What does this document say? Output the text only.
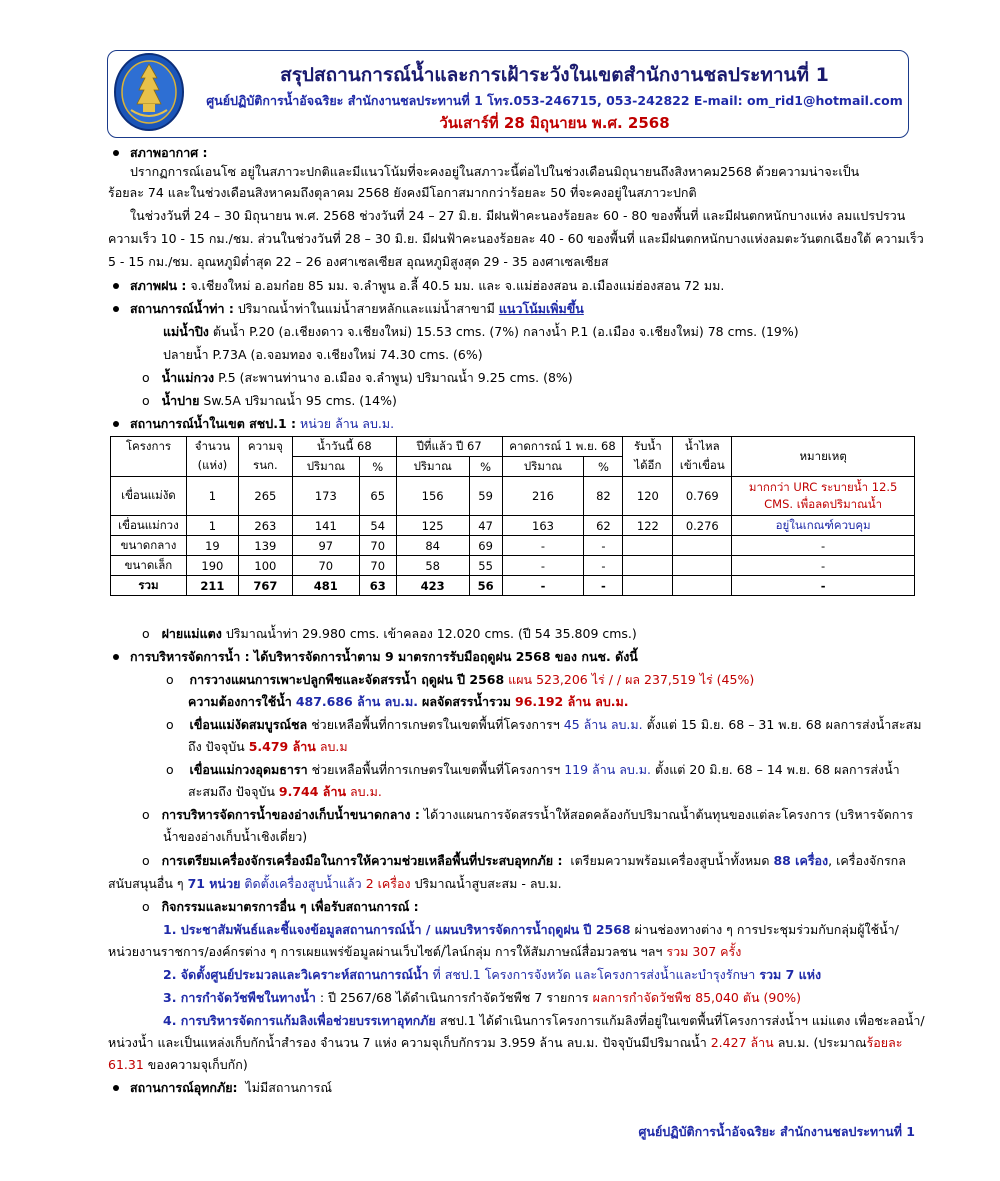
สรุปสถานการณ์น้ำและการเฝ้าระวังในเขตสำนักงานชลประทานที่ 1
ศูนย์ปฏิบัติการน้ำอัจฉริยะ สำนักงานชลประทานที่ 1 โทร.053-246715, 053-242822 E-mail: om_rid1@hotmail.com
วันเสาร์ที่ 28 มิถุนายน พ.ศ. 2568
สภาพอากาศ :
ปรากฏการณ์เอนโซ อยู่ในสภาวะปกติและมีแนวโน้มที่จะคงอยู่ในสภาวะนี้ต่อไปในช่วงเดือนมิถุนายนถึงสิงหาคม2568 ด้วยความน่าจะเป็น
ร้อยละ 74 และในช่วงเดือนสิงหาคมถึงตุลาคม 2568 ยังคงมีโอกาสมากกว่าร้อยละ 50 ที่จะคงอยู่ในสภาวะปกติ
ในช่วงวันที่ 24 – 30 มิถุนายน พ.ศ. 2568 ช่วงวันที่ 24 – 27 มิ.ย. มีฝนฟ้าคะนองร้อยละ 60 - 80 ของพื้นที่ และมีฝนตกหนักบางแห่ง ลมแปรปรวน
ความเร็ว 10 - 15 กม./ชม. ส่วนในช่วงวันที่ 28 – 30 มิ.ย. มีฝนฟ้าคะนองร้อยละ 40 - 60 ของพื้นที่ และมีฝนตกหนักบางแห่งลมตะวันตกเฉียงใต้ ความเร็ว
5 - 15 กม./ชม. อุณหภูมิต่ำสุด 22 – 26 องศาเซลเซียส อุณหภูมิสูงสุด 29 - 35 องศาเซลเซียส
สภาพฝน : จ.เชียงใหม่ อ.อมก๋อย 85 มม. จ.ลำพูน อ.ลี้ 40.5 มม. และ จ.แม่ฮ่องสอน อ.เมืองแม่ฮ่องสอน 72 มม.
สถานการณ์น้ำท่า : ปริมาณน้ำท่าในแม่น้ำสายหลักและแม่น้ำสาขามี แนวโน้มเพิ่มขึ้น
แม่น้ำปิง ต้นน้ำ P.20 (อ.เชียงดาว จ.เชียงใหม่) 15.53 cms. (7%) กลางน้ำ P.1 (อ.เมือง จ.เชียงใหม่) 78 cms. (19%)
ปลายน้ำ P.73A (อ.จอมทอง จ.เชียงใหม่ 74.30 cms. (6%)
o   น้ำแม่กวง P.5 (สะพานท่านาง อ.เมือง จ.ลำพูน) ปริมาณน้ำ 9.25 cms. (8%)
o   น้ำปาย Sw.5A ปริมาณน้ำ 95 cms. (14%)
สถานการณ์น้ำในเขต สชป.1 : หน่วย ล้าน ลบ.ม.
โครงการ	จำนวน	ความจุ	น้ำวันนี้ 68		ปีที่แล้ว ปี 67		คาดการณ์ 1 พ.ย. 68		รับน้ำ	น้ำไหล	หมายเหตุ
	(แห่ง)	รนก.	ปริมาณ	%	ปริมาณ	%	ปริมาณ	%	ได้อีก	เข้าเขื่อน	
เขื่อนแม่งัด	1	265	173	65	156	59	216	82	120	0.769	มากกว่า URC ระบายน้ำ 12.5
CMS. เพื่อลดปริมาณน้ำ
เขื่อนแม่กวง	1	263	141	54	125	47	163	62	122	0.276	อยู่ในเกณฑ์ควบคุม
ขนาดกลาง	19	139	97	70	84	69	-	-			-
ขนาดเล็ก	190	100	70	70	58	55	-	-			-
รวม	211	767	481	63	423	56	-	-			-
o   ฝายแม่แตง ปริมาณน้ำท่า 29.980 cms. เข้าคลอง 12.020 cms. (ปี 54 35.809 cms.)
การบริหารจัดการน้ำ : ได้บริหารจัดการน้ำตาม 9 มาตรการรับมือฤดูฝน 2568 ของ กนช. ดังนี้
o    การวางแผนการเพาะปลูกพืชและจัดสรรน้ำ ฤดูฝน ปี 2568 แผน 523,206 ไร่ / / ผล 237,519 ไร่ (45%)
ความต้องการใช้น้ำ 487.686 ล้าน ลบ.ม. ผลจัดสรรน้ำรวม 96.192 ล้าน ลบ.ม.
o    เขื่อนแม่งัดสมบูรณ์ชล ช่วยเหลือพื้นที่การเกษตรในเขตพื้นที่โครงการฯ 45 ล้าน ลบ.ม. ตั้งแต่ 15 มิ.ย. 68 – 31 พ.ย. 68 ผลการส่งน้ำสะสม
ถึง ปัจจุบัน 5.479 ล้าน ลบ.ม
o    เขื่อนแม่กวงอุดมธารา ช่วยเหลือพื้นที่การเกษตรในเขตพื้นที่โครงการฯ 119 ล้าน ลบ.ม. ตั้งแต่ 20 มิ.ย. 68 – 14 พ.ย. 68 ผลการส่งน้ำ
สะสมถึง ปัจจุบัน 9.744 ล้าน ลบ.ม.
o   การบริหารจัดการน้ำของอ่างเก็บน้ำขนาดกลาง : ได้วางแผนการจัดสรรน้ำให้สอดคล้องกับปริมาณน้ำต้นทุนของแต่ละโครงการ (บริหารจัดการ
น้ำของอ่างเก็บน้ำเชิงเดี่ยว)
o   การเตรียมเครื่องจักรเครื่องมือในการให้ความช่วยเหลือพื้นที่ประสบอุทกภัย : เตรียมความพร้อมเครื่องสูบน้ำทั้งหมด 88 เครื่อง, เครื่องจักรกล
สนับสนุนอื่น ๆ 71 หน่วย ติดตั้งเครื่องสูบน้ำแล้ว 2 เครื่อง ปริมาณน้ำสูบสะสม - ลบ.ม.
o   กิจกรรมและมาตรการอื่น ๆ เพื่อรับสถานการณ์ :
1. ประชาสัมพันธ์และชี้แจงข้อมูลสถานการณ์น้ำ / แผนบริหารจัดการน้ำฤดูฝน ปี 2568 ผ่านช่องทางต่าง ๆ การประชุมร่วมกับกลุ่มผู้ใช้น้ำ/
หน่วยงานราชการ/องค์กรต่าง ๆ การเผยแพร่ข้อมูลผ่านเว็บไซต์/ไลน์กลุ่ม การให้สัมภาษณ์สื่อมวลชน ฯลฯ รวม 307 ครั้ง
2. จัดตั้งศูนย์ประมวลและวิเคราะห์สถานการณ์น้ำ ที่ สชป.1 โครงการจังหวัด และโครงการส่งน้ำและบำรุงรักษา รวม 7 แห่ง
3. การกำจัดวัชพืชในทางน้ำ : ปี 2567/68 ได้ดำเนินการกำจัดวัชพืช 7 รายการ ผลการกำจัดวัชพืช 85,040 ตัน (90%)
4. การบริหารจัดการแก้มลิงเพื่อช่วยบรรเทาอุทกภัย สชป.1 ได้ดำเนินการโครงการแก้มลิงที่อยู่ในเขตพื้นที่โครงการส่งน้ำฯ แม่แตง เพื่อชะลอน้ำ/
หน่วงน้ำ และเป็นแหล่งเก็บกักน้ำสำรอง จำนวน 7 แห่ง ความจุเก็บกักรวม 3.959 ล้าน ลบ.ม. ปัจจุบันมีปริมาณน้ำ 2.427 ล้าน ลบ.ม. (ประมาณร้อยละ
61.31 ของความจุเก็บกัก)
สถานการณ์อุทกภัย: ไม่มีสถานการณ์
ศูนย์ปฏิบัติการน้ำอัจฉริยะ สำนักงานชลประทานที่ 1
